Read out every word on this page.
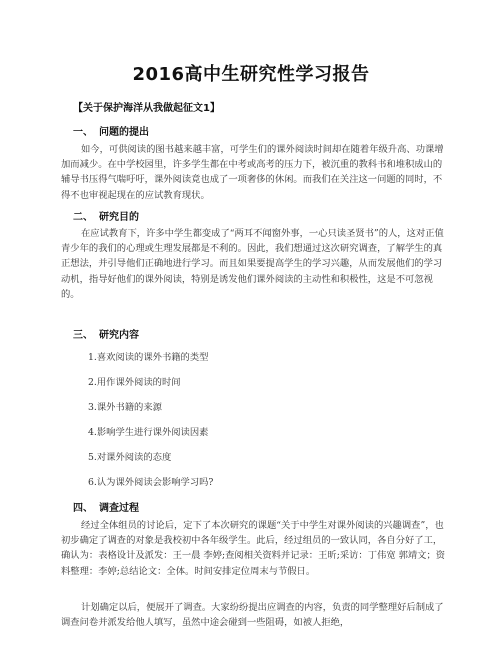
2016高中生研究性学习报告
【关于保护海洋从我做起征文1】
一、 问题的提出

如今，可供阅读的图书越来越丰富，可学生们的课外阅读时间却在随着年级升高、功课增加而减少。在中学校园里，许多学生都在中考或高考的压力下，被沉重的教科书和堆积成山的辅导书压得气喘吁吁，课外阅读竟也成了一项奢侈的休闲。而我们在关注这一问题的同时，不得不也审视起现在的应试教育现状。

二、 研究目的

在应试教育下，许多中学生都变成了“两耳不闻窗外事，一心只读圣贤书”的人，这对正值青少年的我们的心理或生理发展都是不利的。因此，我们想通过这次研究调查，了解学生的真正想法，并引导他们正确地进行学习。而且如果要提高学生的学习兴趣，从而发展他们的学习动机，指导好他们的课外阅读，特别是诱发他们课外阅读的主动性和积极性，这是不可忽视的。

三、 研究内容
1.喜欢阅读的课外书籍的类型
2.用作课外阅读的时间
3.课外书籍的来源
4.影响学生进行课外阅读因素
5.对课外阅读的态度
6.认为课外阅读会影响学习吗?
四、 调查过程

经过全体组员的讨论后，定下了本次研究的课题“关于中学生对课外阅读的兴趣调查”，也初步确定了调查的对象是我校初中各年级学生。此后，经过组员的一致认同，各自分好了工，确认为：表格设计及派发：王一晨 李婷;查阅相关资料并记录：王昕;采访：丁伟宽 郭靖文；资料整理：李婷;总结论文：全体。时间安排定位周末与节假日。

计划确定以后，便展开了调查。大家纷纷提出应调查的内容，负责的同学整理好后制成了调查问卷并派发给他人填写，虽然中途会碰到一些阻碍，如被人拒绝，
